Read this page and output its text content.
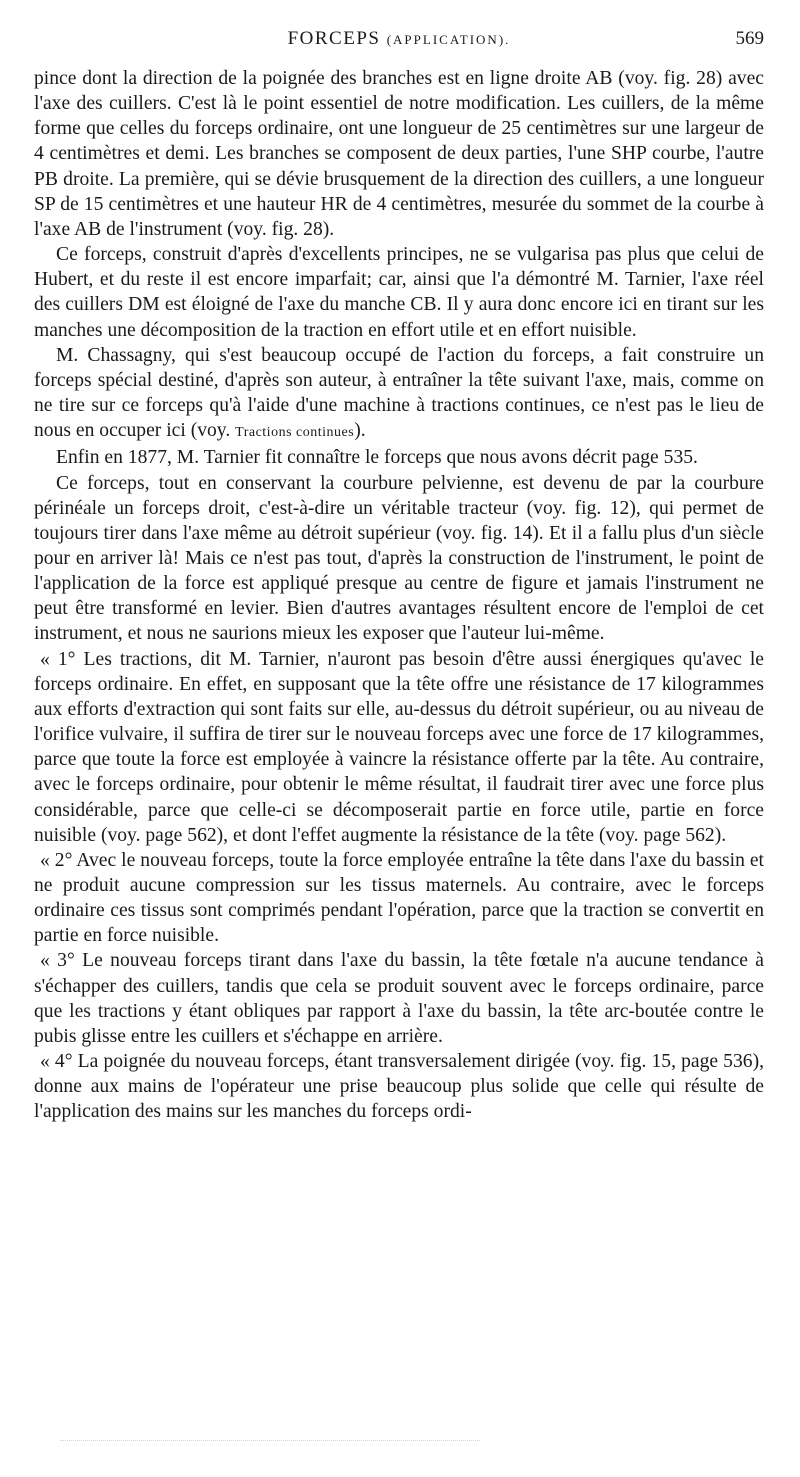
FORCEPS (APPLICATION).	569

pince dont la direction de la poignée des branches est en ligne droite AB (voy. fig. 28) avec l'axe des cuillers. C'est là le point essentiel de notre modification. Les cuillers, de la même forme que celles du forceps ordinaire, ont une longueur de 25 centimètres sur une largeur de 4 centimètres et demi. Les branches se composent de deux parties, l'une SHP courbe, l'autre PB droite. La première, qui se dévie brusquement de la direction des cuillers, a une longueur SP de 15 centimètres et une hauteur HR de 4 centimètres, mesurée du sommet de la courbe à l'axe AB de l'instrument (voy. fig. 28).

Ce forceps, construit d'après d'excellents principes, ne se vulgarisa pas plus que celui de Hubert, et du reste il est encore imparfait; car, ainsi que l'a démontré M. Tarnier, l'axe réel des cuillers DM est éloigné de l'axe du manche CB. Il y aura donc encore ici en tirant sur les manches une décomposition de la traction en effort utile et en effort nuisible.

M. Chassagny, qui s'est beaucoup occupé de l'action du forceps, a fait construire un forceps spécial destiné, d'après son auteur, à entraîner la tête suivant l'axe, mais, comme on ne tire sur ce forceps qu'à l'aide d'une machine à tractions continues, ce n'est pas le lieu de nous en occuper ici (voy. Tractions continues).

Enfin en 1877, M. Tarnier fit connaître le forceps que nous avons décrit page 535.

Ce forceps, tout en conservant la courbure pelvienne, est devenu de par la courbure périnéale un forceps droit, c'est-à-dire un véritable tracteur (voy. fig. 12), qui permet de toujours tirer dans l'axe même au détroit supérieur (voy. fig. 14). Et il a fallu plus d'un siècle pour en arriver là! Mais ce n'est pas tout, d'après la construction de l'instrument, le point de l'application de la force est appliqué presque au centre de figure et jamais l'instrument ne peut être transformé en levier. Bien d'autres avantages résultent encore de l'emploi de cet instrument, et nous ne saurions mieux les exposer que l'auteur lui-même.

« 1° Les tractions, dit M. Tarnier, n'auront pas besoin d'être aussi énergiques qu'avec le forceps ordinaire. En effet, en supposant que la tête offre une résistance de 17 kilogrammes aux efforts d'extraction qui sont faits sur elle, au-dessus du détroit supérieur, ou au niveau de l'orifice vulvaire, il suffira de tirer sur le nouveau forceps avec une force de 17 kilogrammes, parce que toute la force est employée à vaincre la résistance offerte par la tête. Au contraire, avec le forceps ordinaire, pour obtenir le même résultat, il faudrait tirer avec une force plus considérable, parce que celle-ci se décomposerait partie en force utile, partie en force nuisible (voy. page 562), et dont l'effet augmente la résistance de la tête (voy. page 562).

« 2° Avec le nouveau forceps, toute la force employée entraîne la tête dans l'axe du bassin et ne produit aucune compression sur les tissus maternels. Au contraire, avec le forceps ordinaire ces tissus sont comprimés pendant l'opération, parce que la traction se convertit en partie en force nuisible.

« 3° Le nouveau forceps tirant dans l'axe du bassin, la tête fœtale n'a aucune tendance à s'échapper des cuillers, tandis que cela se produit souvent avec le forceps ordinaire, parce que les tractions y étant obliques par rapport à l'axe du bassin, la tête arc-boutée contre le pubis glisse entre les cuillers et s'échappe en arrière.

« 4° La poignée du nouveau forceps, étant transversalement dirigée (voy. fig. 15, page 536), donne aux mains de l'opérateur une prise beaucoup plus solide que celle qui résulte de l'application des mains sur les manches du forceps ordi-
